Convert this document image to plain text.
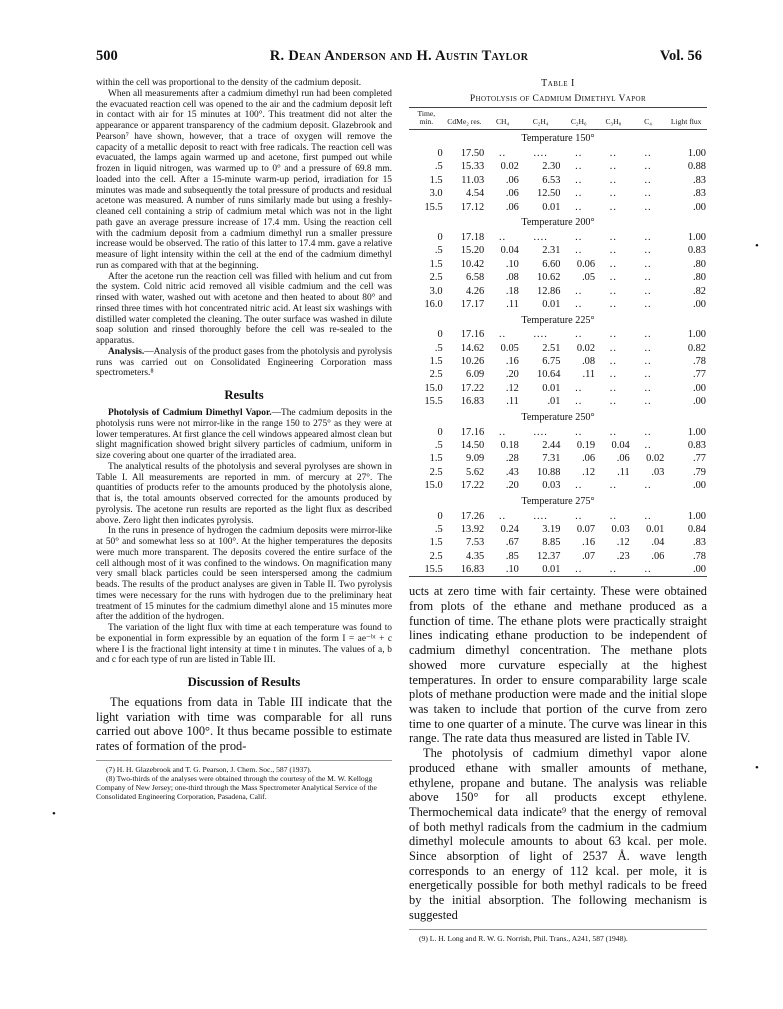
500	R. Dean Anderson and H. Austin Taylor	Vol. 56

within the cell was proportional to the density of the cadmium deposit.

When all measurements after a cadmium dimethyl run had been completed the evacuated reaction cell was opened to the air and the cadmium deposit left in contact with air for 15 minutes at 100°. This treatment did not alter the appearance or apparent transparency of the cadmium deposit. Glazebrook and Pearson⁷ have shown, however, that a trace of oxygen will remove the capacity of a metallic deposit to react with free radicals. The reaction cell was evacuated, the lamps again warmed up and acetone, first pumped out while frozen in liquid nitrogen, was warmed up to 0° and a pressure of 69.8 mm. loaded into the cell. After a 15-minute warm-up period, irradiation for 15 minutes was made and subsequently the total pressure of products and residual acetone was measured. A number of runs similarly made but using a freshly-cleaned cell containing a strip of cadmium metal which was not in the light path gave an average pressure increase of 17.4 mm. Using the reaction cell with the cadmium deposit from a cadmium dimethyl run a smaller pressure increase would be observed. The ratio of this latter to 17.4 mm. gave a relative measure of light intensity within the cell at the end of the cadmium dimethyl run as compared with that at the beginning.

After the acetone run the reaction cell was filled with helium and cut from the system. Cold nitric acid removed all visible cadmium and the cell was rinsed with water, washed out with acetone and then heated to about 80° and rinsed three times with hot concentrated nitric acid. At least six washings with distilled water completed the cleaning. The outer surface was washed in dilute soap solution and rinsed thoroughly before the cell was re-sealed to the apparatus.

Analysis.—Analysis of the product gases from the photolysis and pyrolysis runs was carried out on Consolidated Engineering Corporation mass spectrometers.⁸

Results

Photolysis of Cadmium Dimethyl Vapor.—The cadmium deposits in the photolysis runs were not mirror-like in the range 150 to 275° as they were at lower temperatures. At first glance the cell windows appeared almost clean but slight magnification showed bright silvery particles of cadmium, uniform in size covering about one quarter of the irradiated area.

The analytical results of the photolysis and several pyrolyses are shown in Table I. All measurements are reported in mm. of mercury at 27°. The quantities of products refer to the amounts produced by the photolysis alone, that is, the total amounts observed corrected for the amounts produced by pyrolysis. The acetone run results are reported as the light flux as described above. Zero light then indicates pyrolysis.

In the runs in presence of hydrogen the cadmium deposits were mirror-like at 50° and somewhat less so at 100°. At the higher temperatures the deposits were much more transparent. The deposits covered the entire surface of the cell although most of it was confined to the windows. On magnification many very small black particles could be seen interspersed among the cadmium beads. The results of the product analyses are given in Table II. Two pyrolysis times were necessary for the runs with hydrogen due to the preliminary heat treatment of 15 minutes for the cadmium dimethyl alone and 15 minutes more after the addition of the hydrogen.

The variation of the light flux with time at each temperature was found to be exponential in form expressible by an equation of the form I = ae⁻ᵇᵗ + c where I is the fractional light intensity at time t in minutes. The values of a, b and c for each type of run are listed in Table III.

Discussion of Results

The equations from data in Table III indicate that the light variation with time was comparable for all runs carried out above 100°. It thus became possible to estimate rates of formation of the prod-

(7) H. H. Glazebrook and T. G. Pearson, J. Chem. Soc., 587 (1937).

(8) Two-thirds of the analyses were obtained through the courtesy of the M. W. Kellogg Company of New Jersey; one-third through the Mass Spectrometer Analytical Service of the Consolidated Engineering Corporation, Pasadena, Calif.

Table I
Photolysis of Cadmium Dimethyl Vapor
Time, min.	CdMe₂ res.	CH₄	C₂H₄	C₂H₆	C₃H₈	C₄	Light flux
Temperature 150°							
0	17.50	..	....	..	..	..	1.00
.5	15.33	0.02	2.30	..	..	..	0.88
1.5	11.03	.06	6.53	..	..	..	.83
3.0	4.54	.06	12.50	..	..	..	.83
15.5	17.12	.06	0.01	..	..	..	.00
Temperature 200°							
0	17.18	..	....	..	..	..	1.00
.5	15.20	0.04	2.31	..	..	..	0.83
1.5	10.42	.10	6.60	0.06	..	..	.80
2.5	6.58	.08	10.62	.05	..	..	.80
3.0	4.26	.18	12.86	..	..	..	.82
16.0	17.17	.11	0.01	..	..	..	.00
Temperature 225°							
0	17.16	..	....	..	..	..	1.00
.5	14.62	0.05	2.51	0.02	..	..	0.82
1.5	10.26	.16	6.75	.08	..	..	.78
2.5	6.09	.20	10.64	.11	..	..	.77
15.0	17.22	.12	0.01	..	..	..	.00
15.5	16.83	.11	.01	..	..	..	.00
Temperature 250°							
0	17.16	..	....	..	..	..	1.00
.5	14.50	0.18	2.44	0.19	0.04	..	0.83
1.5	9.09	.28	7.31	.06	.06	0.02	.77
2.5	5.62	.43	10.88	.12	.11	.03	.79
15.0	17.22	.20	0.03	..	..	..	.00
Temperature 275°							
0	17.26	..	....	..	..	..	1.00
.5	13.92	0.24	3.19	0.07	0.03	0.01	0.84
1.5	7.53	.67	8.85	.16	.12	.04	.83
2.5	4.35	.85	12.37	.07	.23	.06	.78
15.5	16.83	.10	0.01	..	..	..	.00

ucts at zero time with fair certainty. These were obtained from plots of the ethane and methane produced as a function of time. The ethane plots were practically straight lines indicating ethane production to be independent of cadmium dimethyl concentration. The methane plots showed more curvature especially at the highest temperatures. In order to ensure comparability large scale plots of methane production were made and the initial slope was taken to include that portion of the curve from zero time to one quarter of a minute. The curve was linear in this range. The rate data thus measured are listed in Table IV.

The photolysis of cadmium dimethyl vapor alone produced ethane with smaller amounts of methane, ethylene, propane and butane. The analysis was reliable above 150° for all products except ethylene. Thermochemical data indicate⁹ that the energy of removal of both methyl radicals from the cadmium in the cadmium dimethyl molecule amounts to about 63 kcal. per mole. Since absorption of light of 2537 Å. wave length corresponds to an energy of 112 kcal. per mole, it is energetically possible for both methyl radicals to be freed by the initial absorption. The following mechanism is suggested

(9) L. H. Long and R. W. G. Norrish, Phil. Trans., A241, 587 (1948).

•
•
•
